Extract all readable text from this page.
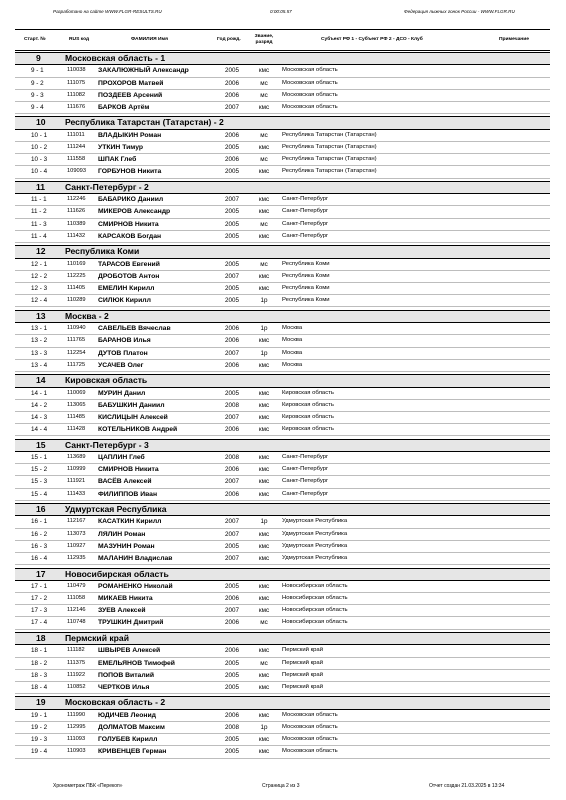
Разработано на сайте WWW.FLGR-RESULTS.RU	0:00:05.57	Федерация лыжных гонок России - WWW.FLGR.RU
Старт. №	RUS код	ФАМИЛИЯ Имя	Год рожд.
Звание, разряд
Субъект РФ 1 - Субъект РФ 2 - ДСО - Клуб	Примечание
9	Московская область - 1
9 - 1	110038 ЗАКАЛЮЖНЫЙ Александр	2005	кмс	Московская область
9 - 2	111075 ПРОХОРОВ Матвей	2006	мс	Московская область
9 - 3	111082 ПОЗДЕЕВ Арсений	2006	мс	Московская область
9 - 4	111676 БАРКОВ Артём	2007	кмс	Московская область
10 Республика Татарстан (Татарстан) - 2
10 - 1	111011 ВЛАДЫКИН Роман	2006	мс	Республика Татарстан (Татарстан)
10 - 2	111244 УТКИН Тимур	2005	кмс	Республика Татарстан (Татарстан)
10 - 3	111558 ШПАК Глеб	2006	мс	Республика Татарстан (Татарстан)
10 - 4	109093 ГОРБУНОВ Никита	2005	кмс	Республика Татарстан (Татарстан)
11 Санкт-Петербург - 2
11 - 1	112246 БАБАРИКО Даниил	2007	кмс	Санкт-Петербург
11 - 2	111626 МИКЕРОВ Александр	2005	кмс	Санкт-Петербург
11 - 3	110389 СМИРНОВ Никита	2005	мс	Санкт-Петербург
11 - 4	111432 КАРСАКОВ Богдан	2005	кмс	Санкт-Петербург
12 Республика Коми
12 - 1	110169 ТАРАСОВ Евгений	2005	мс	Республика Коми
12 - 2	112225 ДРОБОТОВ Антон	2007	кмс	Республика Коми
12 - 3	111405 ЕМЕЛИН Кирилл	2005	кмс	Республика Коми
12 - 4	110289 СИЛЮК Кирилл	2005	1р	Республика Коми
13 Москва - 2
13 - 1	110940 САВЕЛЬЕВ Вячеслав	2006	1р	Москва
13 - 2	111765 БАРАНОВ Илья	2006	кмс	Москва
13 - 3	112254 ДУТОВ Платон	2007	1р	Москва
13 - 4	111725 УСАЧЕВ Олег	2006	кмс	Москва
14 Кировская область
14 - 1	110069 МУРИН Данил	2005	кмс	Кировская область
14 - 2	113065 БАБУШКИН Даниил	2008	кмс	Кировская область
14 - 3	111485 КИСЛИЦЫН Алексей	2007	кмс	Кировская область
14 - 4	111428 КОТЕЛЬНИКОВ Андрей	2006	кмс	Кировская область
15 Санкт-Петербург - 3
15 - 1	113689 ЦАПЛИН Глеб	2008	кмс	Санкт-Петербург
15 - 2	110999 СМИРНОВ Никита	2006	кмс	Санкт-Петербург
15 - 3	111921 ВАСЁВ Алексей	2007	кмс	Санкт-Петербург
15 - 4	111433 ФИЛИППОВ Иван	2006	кмс	Санкт-Петербург
16 Удмуртская Республика
16 - 1	112167 КАСАТКИН Кирилл	2007	1р	Удмуртская Республика
16 - 2	113073 ЛЯЛИН Роман	2007	кмс	Удмуртская Республика
16 - 3	110927 МАЗУНИН Роман	2005	кмс	Удмуртская Республика
16 - 4	112935 МАЛАНИН Владислав	2007	кмс	Удмуртская Республика
17 Новосибирская область
17 - 1	110479 РОМАНЕНКО Николай	2005	кмс	Новосибирская область
17 - 2	111058 МИКАЕВ Никита	2006	кмс	Новосибирская область
17 - 3	112146 ЗУЕВ Алексей	2007	кмс	Новосибирская область
17 - 4	110748 ТРУШКИН Дмитрий	2006	мс	Новосибирская область
18 Пермский край
18 - 1	111182 ШВЫРЕВ Алексей	2006	кмс	Пермский край
18 - 2	111375 ЕМЕЛЬЯНОВ Тимофей	2005	мс	Пермский край
18 - 3	111922 ПОПОВ Виталий	2005	кмс	Пермский край
18 - 4	110852 ЧЕРТКОВ Илья	2005	кмс	Пермский край
19 Московская область - 2
19 - 1	111990 ЮДИЧЕВ Леонид	2006	кмс	Московская область
19 - 2	112995 ДОЛМАТОВ Максим	2008	1р	Московская область
19 - 3	111093 ГОЛУБЕВ Кирилл	2005	кмс	Московская область
19 - 4	110903 КРИВЕНЦЕВ Герман	2005	кмс	Московская область
Хронометраж ПБК «Перекоп»	Страница 2 из 3	Отчет создан 21.03.2025 в 13:34
